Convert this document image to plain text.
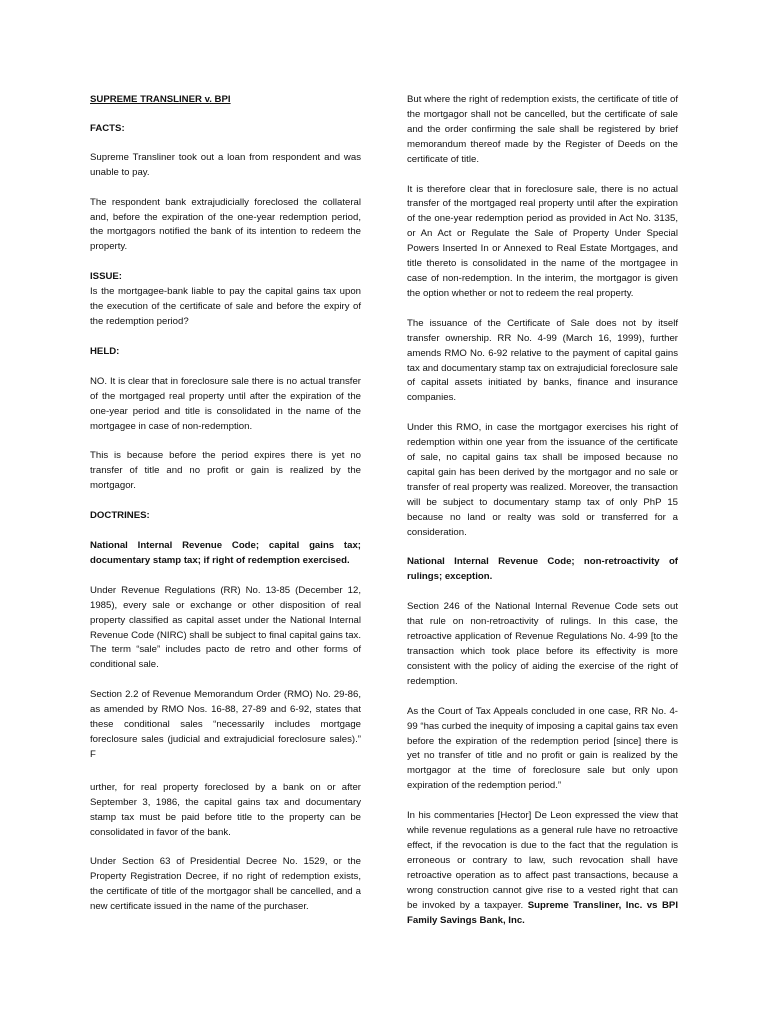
SUPREME TRANSLINER v. BPI

FACTS:

Supreme Transliner took out a loan from respondent and was unable to pay.

The respondent bank extrajudicially foreclosed the collateral and, before the expiration of the one-year redemption period, the mortgagors notified the bank of its intention to redeem the property.

ISSUE:

Is the mortgagee-bank liable to pay the capital gains tax upon the execution of the certificate of sale and before the expiry of the redemption period?

HELD:

NO. It is clear that in foreclosure sale there is no actual transfer of the mortgaged real property until after the expiration of the one-year period and title is consolidated in the name of the mortgagee in case of non-redemption.

This is because before the period expires there is yet no transfer of title and no profit or gain is realized by the mortgagor.

DOCTRINES:

National Internal Revenue Code; capital gains tax; documentary stamp tax; if right of redemption exercised.

Under Revenue Regulations (RR) No. 13-85 (December 12, 1985), every sale or exchange or other disposition of real property classified as capital asset under the National Internal Revenue Code (NIRC) shall be subject to final capital gains tax. The term “sale” includes pacto de retro and other forms of conditional sale.

Section 2.2 of Revenue Memorandum Order (RMO) No. 29-86, as amended by RMO Nos. 16-88, 27-89 and 6-92, states that these conditional sales “necessarily includes mortgage foreclosure sales (judicial and extrajudicial foreclosure sales).” F

urther, for real property foreclosed by a bank on or after September 3, 1986, the capital gains tax and documentary stamp tax must be paid before title to the property can be consolidated in favor of the bank.

Under Section 63 of Presidential Decree No. 1529, or the Property Registration Decree, if no right of redemption exists, the certificate of title of the mortgagor shall be cancelled, and a new certificate issued in the name of the purchaser.

But where the right of redemption exists, the certificate of title of the mortgagor shall not be cancelled, but the certificate of sale and the order confirming the sale shall be registered by brief memorandum thereof made by the Register of Deeds on the certificate of title.

It is therefore clear that in foreclosure sale, there is no actual transfer of the mortgaged real property until after the expiration of the one-year redemption period as provided in Act No. 3135, or An Act or Regulate the Sale of Property Under Special Powers Inserted In or Annexed to Real Estate Mortgages, and title thereto is consolidated in the name of the mortgagee in case of non-redemption. In the interim, the mortgagor is given the option whether or not to redeem the real property.

The issuance of the Certificate of Sale does not by itself transfer ownership. RR No. 4-99 (March 16, 1999), further amends RMO No. 6-92 relative to the payment of capital gains tax and documentary stamp tax on extrajudicial foreclosure sale of capital assets initiated by banks, finance and insurance companies.

Under this RMO, in case the mortgagor exercises his right of redemption within one year from the issuance of the certificate of sale, no capital gains tax shall be imposed because no capital gain has been derived by the mortgagor and no sale or transfer of real property was realized. Moreover, the transaction will be subject to documentary stamp tax of only PhP 15 because no land or realty was sold or transferred for a consideration.

National Internal Revenue Code; non-retroactivity of rulings; exception.

Section 246 of the National Internal Revenue Code sets out that rule on non-retroactivity of rulings. In this case, the retroactive application of Revenue Regulations No. 4-99 [to the transaction which took place before its effectivity is more consistent with the policy of aiding the exercise of the right of redemption.

As the Court of Tax Appeals concluded in one case, RR No. 4-99 “has curbed the inequity of imposing a capital gains tax even before the expiration of the redemption period [since] there is yet no transfer of title and no profit or gain is realized by the mortgagor at the time of foreclosure sale but only upon expiration of the redemption period.”

In his commentaries [Hector] De Leon expressed the view that while revenue regulations as a general rule have no retroactive effect, if the revocation is due to the fact that the regulation is erroneous or contrary to law, such revocation shall have retroactive operation as to affect past transactions, because a wrong construction cannot give rise to a vested right that can be invoked by a taxpayer. Supreme Transliner, Inc. vs BPI Family Savings Bank, Inc.
